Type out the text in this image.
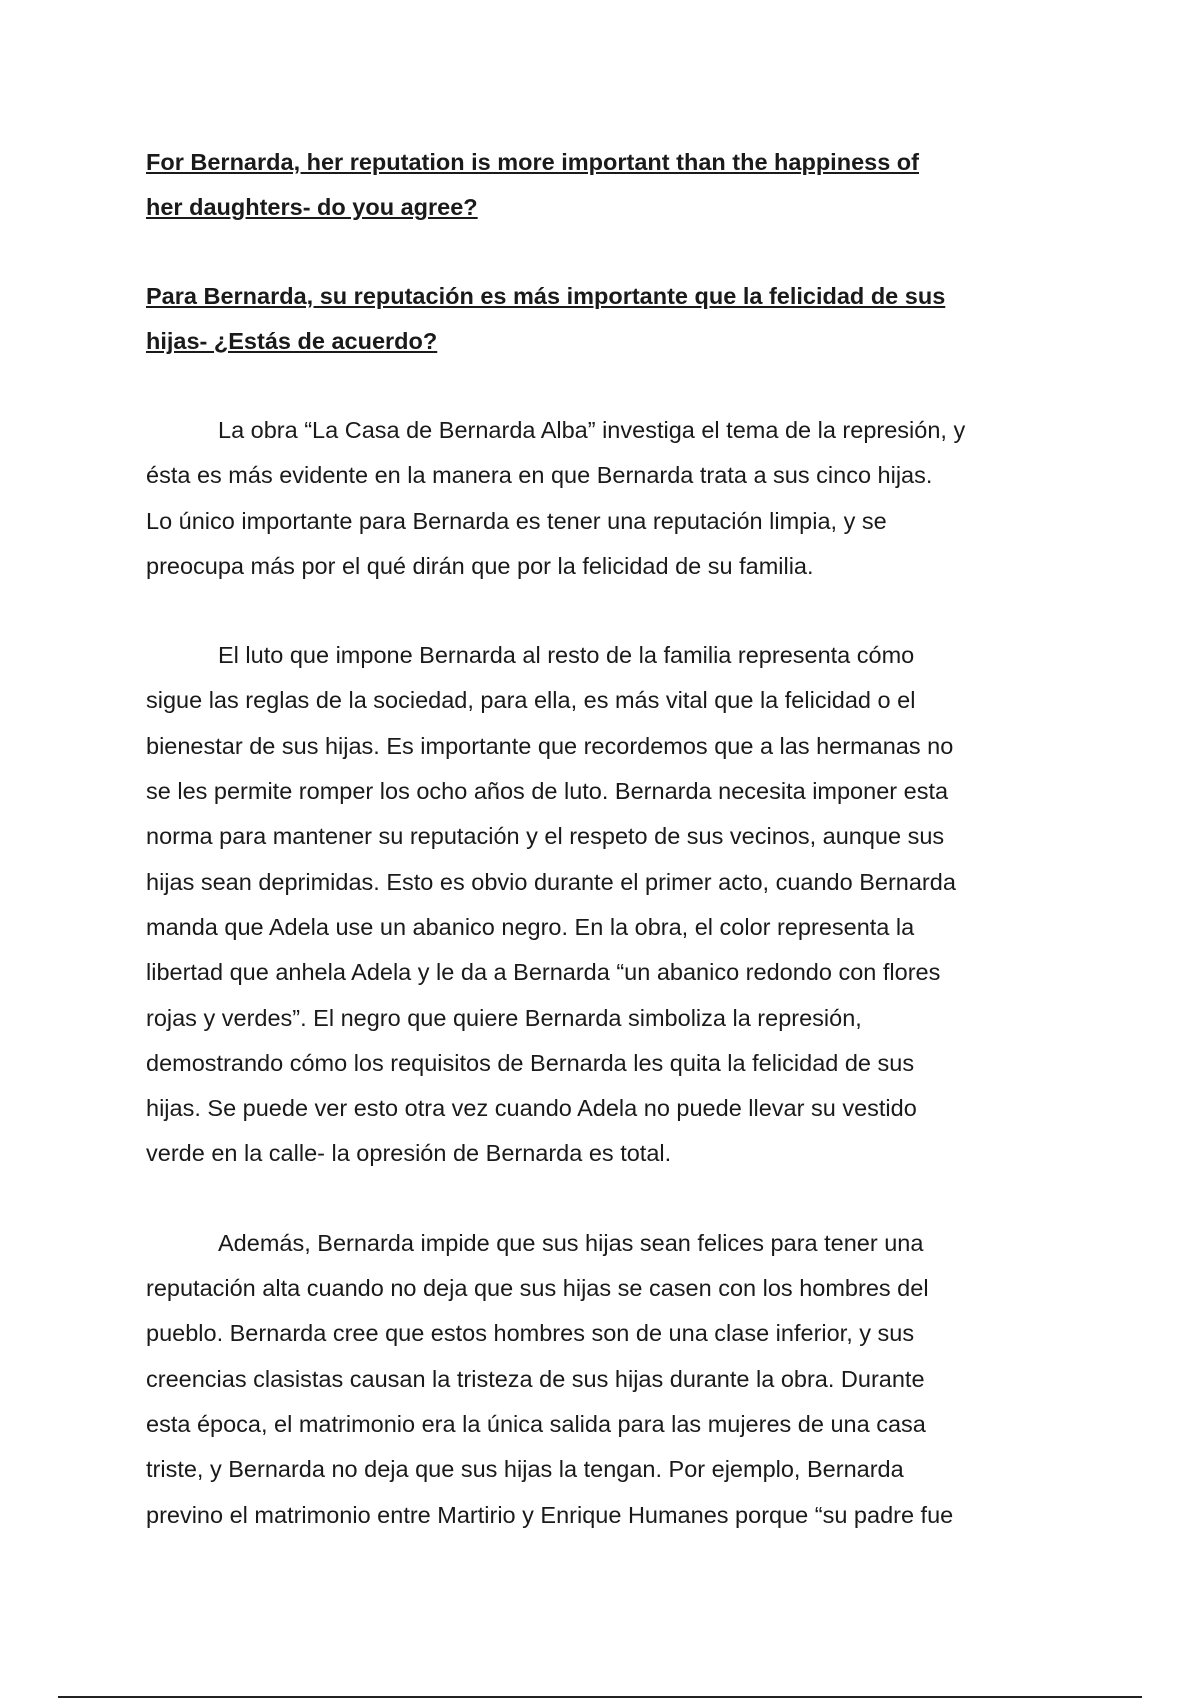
For Bernarda, her reputation is more important than the happiness of
her daughters- do you agree?
Para Bernarda, su reputación es más importante que la felicidad de sus
hijas- ¿Estás de acuerdo?
La obra “La Casa de Bernarda Alba” investiga el tema de la represión, y
ésta es más evidente en la manera en que Bernarda trata a sus cinco hijas.
Lo único importante para Bernarda es tener una reputación limpia, y se
preocupa más por el qué dirán que por la felicidad de su familia.
El luto que impone Bernarda al resto de la familia representa cómo
sigue las reglas de la sociedad, para ella, es más vital que la felicidad o el
bienestar de sus hijas. Es importante que recordemos que a las hermanas no
se les permite romper los ocho años de luto. Bernarda necesita imponer esta
norma para mantener su reputación y el respeto de sus vecinos, aunque sus
hijas sean deprimidas. Esto es obvio durante el primer acto, cuando Bernarda
manda que Adela use un abanico negro. En la obra, el color representa la
libertad que anhela Adela y le da a Bernarda “un abanico redondo con flores
rojas y verdes”. El negro que quiere Bernarda simboliza la represión,
demostrando cómo los requisitos de Bernarda les quita la felicidad de sus
hijas. Se puede ver esto otra vez cuando Adela no puede llevar su vestido
verde en la calle- la opresión de Bernarda es total.
Además, Bernarda impide que sus hijas sean felices para tener una
reputación alta cuando no deja que sus hijas se casen con los hombres del
pueblo. Bernarda cree que estos hombres son de una clase inferior, y sus
creencias clasistas causan la tristeza de sus hijas durante la obra. Durante
esta época, el matrimonio era la única salida para las mujeres de una casa
triste, y Bernarda no deja que sus hijas la tengan. Por ejemplo, Bernarda
previno el matrimonio entre Martirio y Enrique Humanes porque “su padre fue
